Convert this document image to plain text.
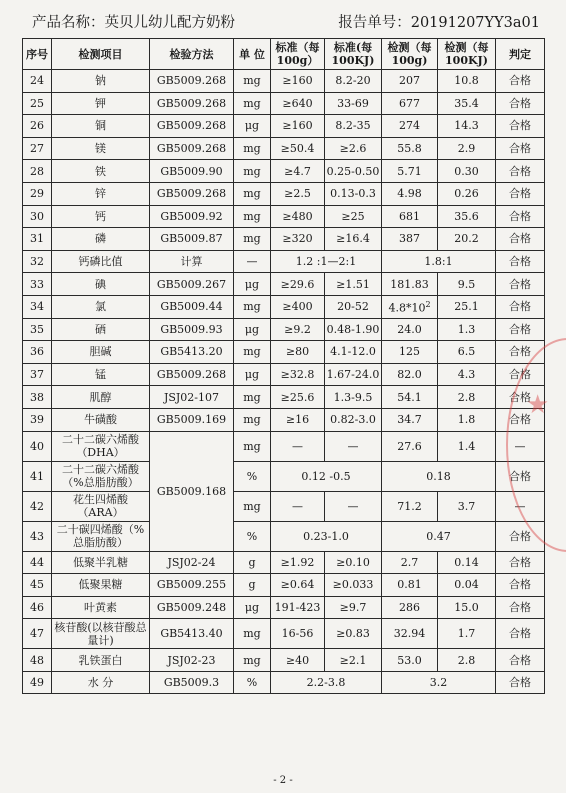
产品名称：英贝儿幼儿配方奶粉	报告单号：20191207YY3a01
序号	检测项目	检验方法	单 位	标准（每100g）	标准(每100KJ)	检测（每100g)	检测（每100KJ)	判定
24	钠	GB5009.268	mg	≥160	8.2-20	207	10.8	合格
25	钾	GB5009.268	mg	≥640	33-69	677	35.4	合格
26	铜	GB5009.268	μg	≥160	8.2-35	274	14.3	合格
27	镁	GB5009.268	mg	≥50.4	≥2.6	55.8	2.9	合格
28	铁	GB5009.90	mg	≥4.7	0.25-0.50	5.71	0.30	合格
29	锌	GB5009.268	mg	≥2.5	0.13-0.3	4.98	0.26	合格
30	钙	GB5009.92	mg	≥480	≥25	681	35.6	合格
31	磷	GB5009.87	mg	≥320	≥16.4	387	20.2	合格
32	钙磷比值	计算	—	1.2 :1—2:1		1.8:1		合格
33	碘	GB5009.267	μg	≥29.6	≥1.51	181.83	9.5	合格
34	氯	GB5009.44	mg	≥400	20-52	$4.8*10^2$	25.1	合格
35	硒	GB5009.93	μg	≥9.2	0.48-1.90	24.0	1.3	合格
36	胆碱	GB5413.20	mg	≥80	4.1-12.0	125	6.5	合格
37	锰	GB5009.268	μg	≥32.8	1.67-24.0	82.0	4.3	合格
38	肌醇	JSJ02-107	mg	≥25.6	1.3-9.5	54.1	2.8	合格
39	牛磺酸	GB5009.169	mg	≥16	0.82-3.0	34.7	1.8	合格
40	二十二碳六烯酸（DHA）	GB5009.168	mg	—	—	27.6	1.4	—
41	二十二碳六烯酸（%总脂肪酸）		%	0.12 -0.5		0.18		合格
42	花生四烯酸（ARA）		mg	—	—	71.2	3.7	—
43	二十碳四烯酸（%总脂肪酸）		%	0.23-1.0		0.47		合格
44	低聚半乳糖	JSJ02-24	g	≥1.92	≥0.10	2.7	0.14	合格
45	低聚果糖	GB5009.255	g	≥0.64	≥0.033	0.81	0.04	合格
46	叶黄素	GB5009.248	μg	191-423	≥9.7	286	15.0	合格
47	核苷酸(以核苷酸总量计)	GB5413.40	mg	16-56	≥0.83	32.94	1.7	合格
48	乳铁蛋白	JSJ02-23	mg	≥40	≥2.1	53.0	2.8	合格
49	水 分	GB5009.3	%	2.2-3.8		3.2		合格
★
- 2 -
